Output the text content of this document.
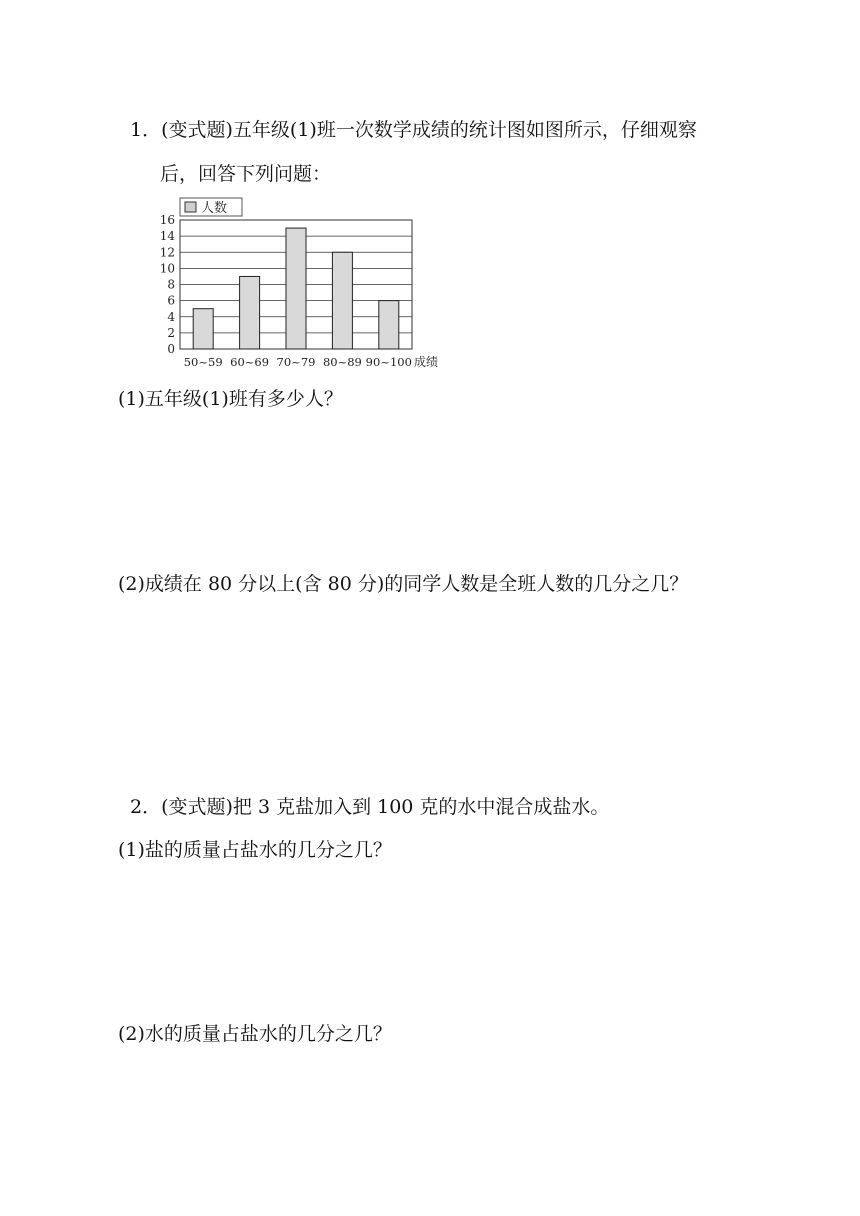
1．(变式题)五年级(1)班一次数学成绩的统计图如图所示，仔细观察
后，回答下列问题：
人数
0
2
4
6
8
10
12
14
16
50~59 60~69 70~79 80~89 90~100 成绩
(1)五年级(1)班有多少人？
(2)成绩在 80 分以上(含 80 分)的同学人数是全班人数的几分之几？
2．(变式题)把 3 克盐加入到 100 克的水中混合成盐水。
(1)盐的质量占盐水的几分之几？
(2)水的质量占盐水的几分之几？
